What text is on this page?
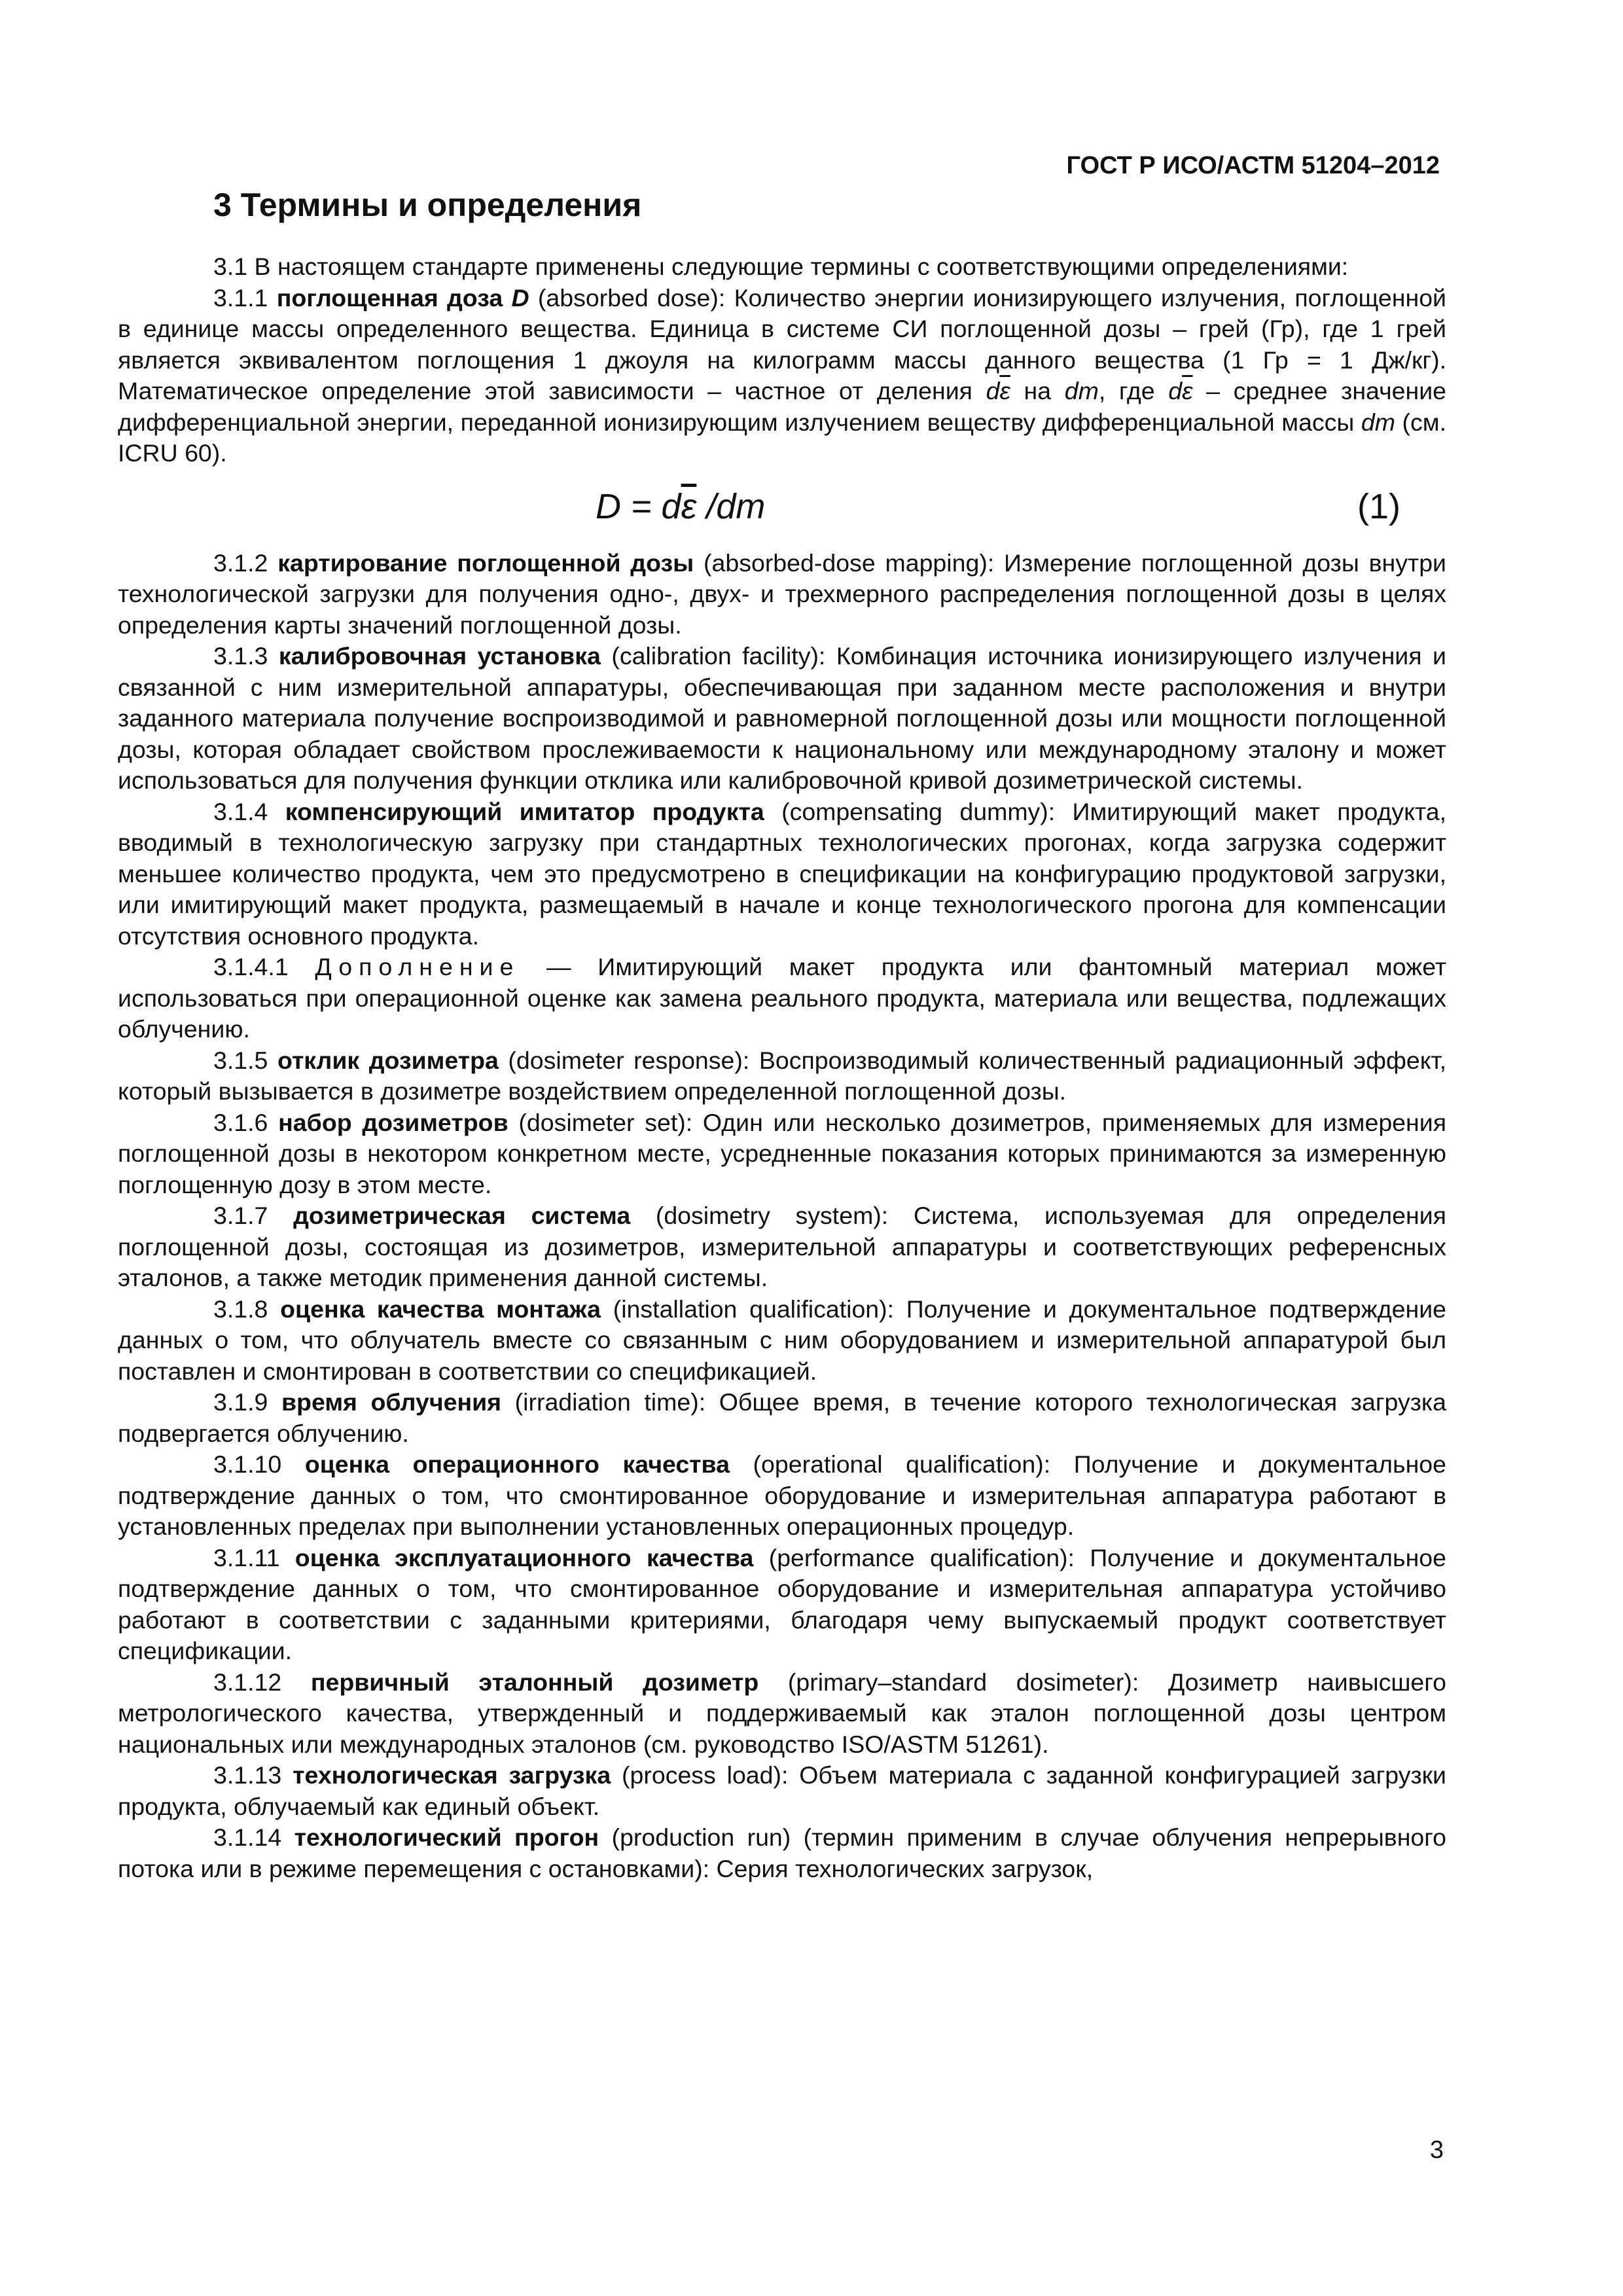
ГОСТ Р ИСО/АСТМ 51204–2012
3 Термины и определения

3.1 В настоящем стандарте применены следующие термины с соответствующими определениями:

3.1.1 поглощенная доза D (absorbed dose): Количество энергии ионизирующего излучения, поглощенной в единице массы определенного вещества. Единица в системе СИ поглощенной дозы – грей (Гр), где 1 грей является эквивалентом поглощения 1 джоуля на килограмм массы данного вещества (1 Гр = 1 Дж/кг). Математическое определение этой зависимости – частное от деления $d\overline{\varepsilon}$ на dm, где $d\overline{\varepsilon}$ – среднее значение дифференциальной энергии, переданной ионизирующим излучением веществу дифференциальной массы dm (см. ICRU 60).

$D = d\overline{\varepsilon}$ /dm	(1)

3.1.2 картирование поглощенной дозы (absorbed-dose mapping): Измерение поглощенной дозы внутри технологической загрузки для получения одно-, двух- и трехмерного распределения поглощенной дозы в целях определения карты значений поглощенной дозы.

3.1.3 калибровочная установка (calibration facility): Комбинация источника ионизирующего излучения и связанной с ним измерительной аппаратуры, обеспечивающая при заданном месте расположения и внутри заданного материала получение воспроизводимой и равномерной поглощенной дозы или мощности поглощенной дозы, которая обладает свойством прослеживаемости к национальному или международному эталону и может использоваться для получения функции отклика или калибровочной кривой дозиметрической системы.

3.1.4 компенсирующий имитатор продукта (compensating dummy): Имитирующий макет продукта, вводимый в технологическую загрузку при стандартных технологических прогонах, когда загрузка содержит меньшее количество продукта, чем это предусмотрено в спецификации на конфигурацию продуктовой загрузки, или имитирующий макет продукта, размещаемый в начале и конце технологического прогона для компенсации отсутствия основного продукта.

3.1.4.1 Дополнение — Имитирующий макет продукта или фантомный материал может использоваться при операционной оценке как замена реального продукта, материала или вещества, подлежащих облучению.

3.1.5 отклик дозиметра (dosimeter response): Воспроизводимый количественный радиационный эффект, который вызывается в дозиметре воздействием определенной поглощенной дозы.

3.1.6 набор дозиметров (dosimeter set): Один или несколько дозиметров, применяемых для измерения поглощенной дозы в некотором конкретном месте, усредненные показания которых принимаются за измеренную поглощенную дозу в этом месте.

3.1.7 дозиметрическая система (dosimetry system): Система, используемая для определения поглощенной дозы, состоящая из дозиметров, измерительной аппаратуры и соответствующих референсных эталонов, а также методик применения данной системы.

3.1.8 оценка качества монтажа (installation qualification): Получение и документальное подтверждение данных о том, что облучатель вместе со связанным с ним оборудованием и измерительной аппаратурой был поставлен и смонтирован в соответствии со спецификацией.

3.1.9 время облучения (irradiation time): Общее время, в течение которого технологическая загрузка подвергается облучению.

3.1.10 оценка операционного качества (operational qualification): Получение и документальное подтверждение данных о том, что смонтированное оборудование и измерительная аппаратура работают в установленных пределах при выполнении установленных операционных процедур.

3.1.11 оценка эксплуатационного качества (performance qualification): Получение и документальное подтверждение данных о том, что смонтированное оборудование и измерительная аппаратура устойчиво работают в соответствии с заданными критериями, благодаря чему выпускаемый продукт соответствует спецификации.

3.1.12 первичный эталонный дозиметр (primary–standard dosimeter): Дозиметр наивысшего метрологического качества, утвержденный и поддерживаемый как эталон поглощенной дозы центром национальных или международных эталонов (см. руководство ISO/ASTM 51261).

3.1.13 технологическая загрузка (process load): Объем материала с заданной конфигурацией загрузки продукта, облучаемый как единый объект.

3.1.14 технологический прогон (production run) (термин применим в случае облучения непрерывного потока или в режиме перемещения с остановками): Серия технологических загрузок,

3
